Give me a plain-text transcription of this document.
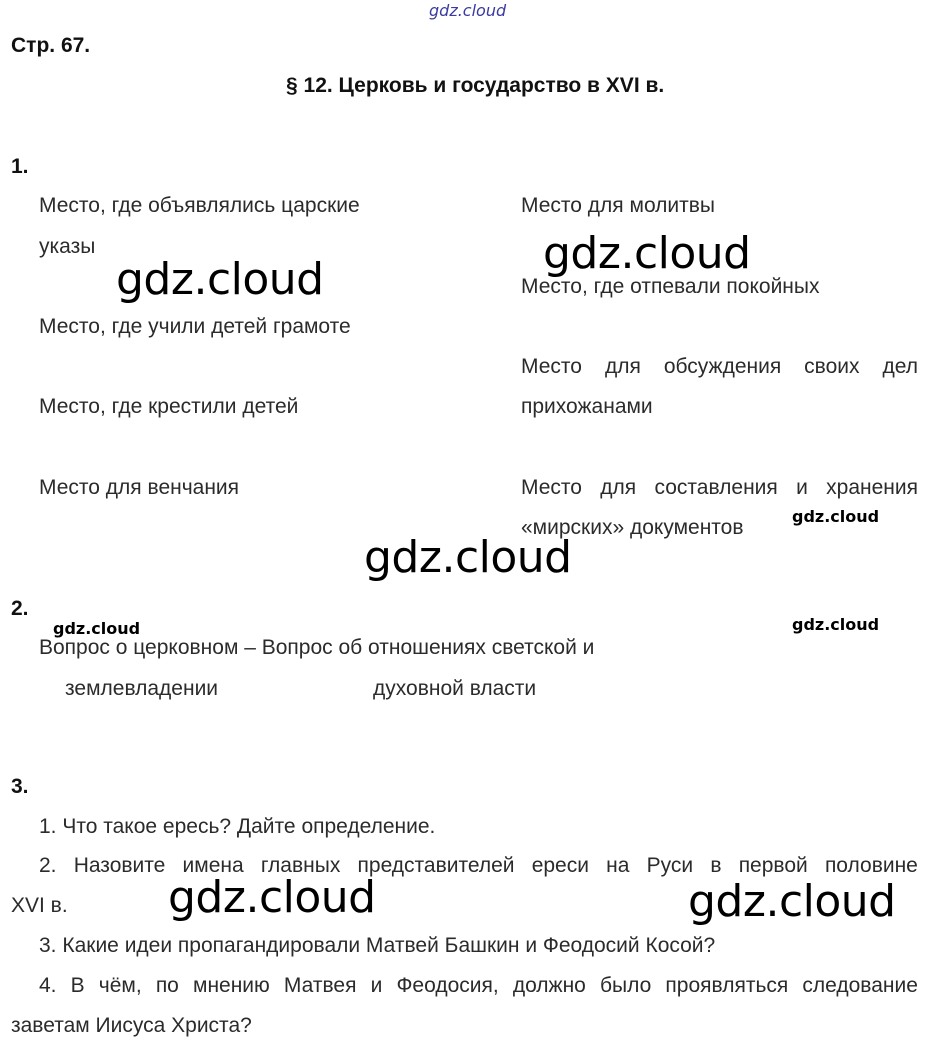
gdz.cloud
Стр. 67.
§ 12. Церковь и государство в XVI в.
1.
Место, где объявлялись царские
указы
Место, где учили детей грамоте
Место, где крестили детей
Место для венчания
Место для молитвы
Место, где отпевали покойных
Место для обсуждения своих дел
прихожанами
Место для составления и хранения
«мирских» документов
2.
Вопрос о церковном – Вопрос об отношениях светской и
землевладении	духовной власти
3.
1. Что такое ересь? Дайте определение.
2. Назовите имена главных представителей ереси на Руси в первой половине
XVI в.
3. Какие идеи пропагандировали Матвей Башкин и Феодосий Косой?
4. В чём, по мнению Матвея и Феодосия, должно было проявляться следование
заветам Иисуса Христа?
gdz.cloud
gdz.cloud
gdz.cloud
gdz.cloud	gdz.cloud
gdz.cloud
gdz.cloud
gdz.cloud
